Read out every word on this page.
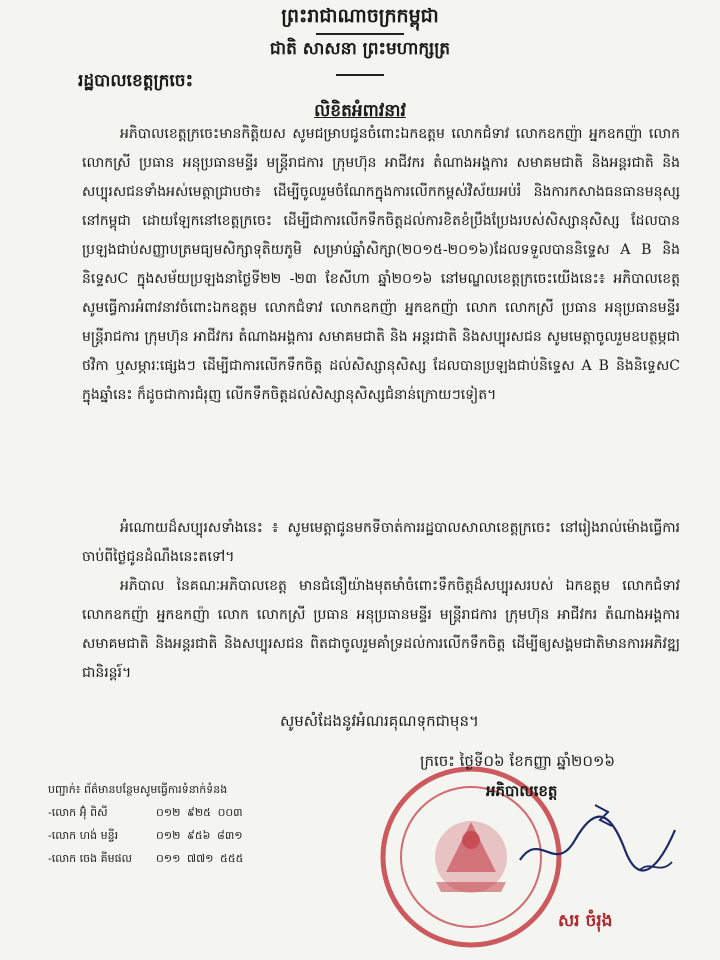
ព្រះរាជាណាចក្រកម្ពុជា
ជាតិ សាសនា ព្រះមហាក្សត្រ
រដ្ឋបាលខេត្តក្រចេះ
លិខិតអំពាវនាវ

អភិបាលខេត្តក្រចេះមានកិត្តិយស សូមជម្រាបជូនចំពោះឯកឧត្តម លោកជំទាវ លោកឧកញ៉ា អ្នកឧកញ៉ា លោក លោកស្រី ប្រធាន អនុប្រធានមន្ទីរ មន្ត្រីរាជការ ក្រុមហ៊ុន អាជីវករ តំណាងអង្គការ សមាគមជាតិ និងអន្តរជាតិ និងសប្បុរសជនទាំងអស់មេត្តាជ្រាបថា៖ ដើម្បីចូលរួមចំណែកក្នុងការលើកកម្ពស់វិស័យអប់រំ និងការកសាងធនធានមនុស្សនៅកម្ពុជា ដោយឡែកនៅខេត្តក្រចេះ ដើម្បីជាការលើកទឹកចិត្តដល់ការខិតខំប្រឹងប្រែងរបស់សិស្សានុសិស្ស ដែលបានប្រឡងជាប់សញ្ញាបត្រមធ្យមសិក្សាទុតិយភូមិ សម្រាប់ឆ្នាំសិក្សា(២០១៥-២០១៦)ដែលទទួលបាននិទ្ទេស A B និងនិទ្ទេសC ក្នុងសម័យប្រឡងនាថ្ងៃទី២២ -២៣ ខែសីហា ឆ្នាំ២០១៦ នៅមណ្ឌលខេត្តក្រចេះយើងនេះ៖ អភិបាលខេត្ត សូមធ្វើការអំពាវនាវចំពោះឯកឧត្តម លោកជំទាវ លោកឧកញ៉ា អ្នកឧកញ៉ា លោក លោកស្រី ប្រធាន អនុប្រធានមន្ទីរ មន្ត្រីរាជការ ក្រុមហ៊ុន អាជីវករ តំណាងអង្គការ សមាគមជាតិ និង អន្តរជាតិ និងសប្បុរសជន សូមមេត្តាចូលរួមឧបត្ថម្ភជាថវិកា ឬសម្ភារៈផ្សេងៗ ដើម្បីជាការលើកទឹកចិត្ត ដល់សិស្សានុសិស្ស ដែលបានប្រឡងជាប់និទ្ទេស A B និងនិទ្ទេសC ក្នុងឆ្នាំនេះ ក៏ដូចជាការជំរុញ លើកទឹកចិត្តដល់សិស្សានុសិស្សជំនាន់ក្រោយៗទៀត។

អំណោយដ៏សប្បុរសទាំងនេះ ៖ សូមមេត្តាជូនមកទីចាត់ការរដ្ឋបាលសាលាខេត្តក្រចេះ នៅរៀងរាល់ម៉ោងធ្វើការចាប់ពីថ្ងៃជូនដំណឹងនេះតទៅ។

អភិបាល នៃគណៈអភិបាលខេត្ត មានជំនឿយ៉ាងមុតមាំចំពោះទឹកចិត្តដ៏សប្បុរសរបស់ ឯកឧត្តម លោកជំទាវ លោកឧកញ៉ា អ្នកឧកញ៉ា លោក លោកស្រី ប្រធាន អនុប្រធានមន្ទីរ មន្ត្រីរាជការ ក្រុមហ៊ុន អាជីវករ តំណាងអង្គការ សមាគមជាតិ និងអន្តរជាតិ និងសប្បុរសជន ពិតជាចូលរួមគាំទ្រដល់ការលើកទឹកចិត្ត ដើម្បីឲ្យសង្គមជាតិមានការអភិវឌ្ឍជានិរន្តរ៍។

សូមសំដែងនូវអំណរគុណទុកជាមុន។
ក្រចេះ ថ្ងៃទី០៦ ខែកញ្ញា ឆ្នាំ២០១៦
អភិបាលខេត្ត
សរ ចំរុង
បញ្ជាក់៖ ព័ត៌មានបន្ថែមសូមធ្វើការទំនាក់ទំនង
-លោក អ៊ុំ ពិសី	០១២ ៩២៥ ០០៣
-លោក ហង់ មន្ទីរ	០១២ ៩៥៦ ៨៣១
-លោក ចេង គីមផល	០១១ ៧៧១ ៥៥៥
